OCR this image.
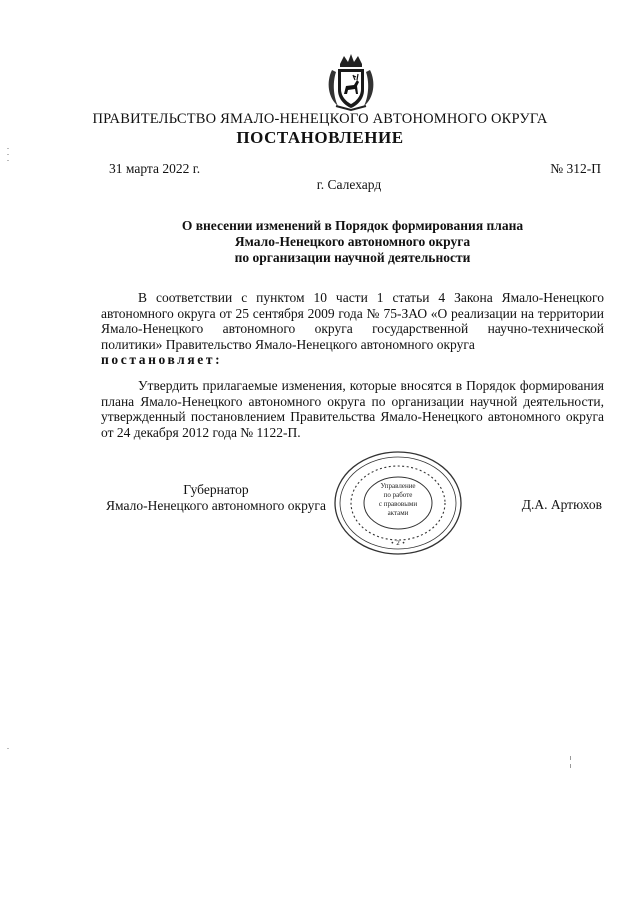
ПРАВИТЕЛЬСТВО ЯМАЛО-НЕНЕЦКОГО АВТОНОМНОГО ОКРУГА
ПОСТАНОВЛЕНИЕ
31 марта 2022 г.	№ 312-П
г. Салехард
О внесении изменений в Порядок формирования плана
Ямало-Ненецкого автономного округа
по организации научной деятельности

В соответствии с пунктом 10 части 1 статьи 4 Закона Ямало-Ненецкого автономного округа от 25 сентября 2009 года № 75-ЗАО «О реализации на территории Ямало-Ненецкого автономного округа государственной научно-технической политики» Правительство Ямало-Ненецкого автономного округа

постановляет:

Утвердить прилагаемые изменения, которые вносятся в Порядок формирования плана Ямало-Ненецкого автономного округа по организации научной деятельности, утвержденный постановлением Правительства Ямало-Ненецкого автономного округа от 24 декабря 2012 года № 1122-П.

Губернатор
Ямало-Ненецкого автономного округа	Д.А. Артюхов
• 2 •
Управление
по работе
с правовыми
актами
